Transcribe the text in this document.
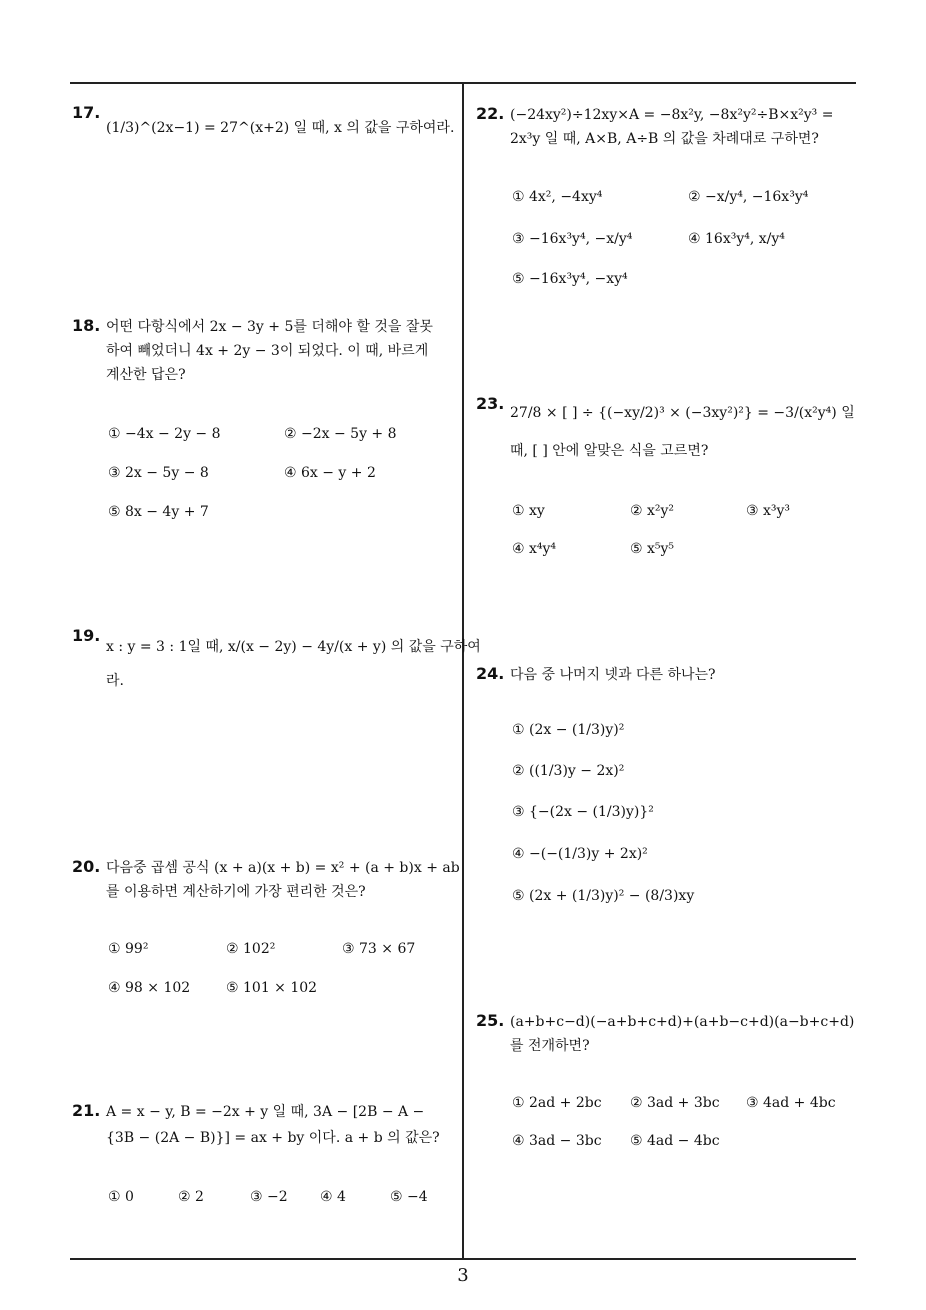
17.
(1/3)^(2x−1) = 27^(x+2) 일 때, x 의 값을 구하여라.
18. 어떤 다항식에서 2x − 3y + 5를 더해야 할 것을 잘못
하여 빼었더니 4x + 2y − 3이 되었다. 이 때, 바르게
계산한 답은?
① −4x − 2y − 8	② −2x − 5y + 8
③ 2x − 5y − 8	④ 6x − y + 2
⑤ 8x − 4y + 7
19.
x : y = 3 : 1일 때, x/(x − 2y) − 4y/(x + y) 의 값을 구하여
라.
20. 다음중 곱셈 공식 (x + a)(x + b) = x² + (a + b)x + ab
를 이용하면 계산하기에 가장 편리한 것은?
① 99²	② 102²	③ 73 × 67
④ 98 × 102	⑤ 101 × 102
21. A = x − y, B = −2x + y 일 때, 3A − [2B − A −
{3B − (2A − B)}] = ax + by 이다. a + b 의 값은?
① 0	② 2	③ −2 ④ 4	⑤ −4
22. (−24xy²)÷12xy×A = −8x²y, −8x²y²÷B×x²y³ =
2x³y 일 때, A×B, A÷B 의 값을 차례대로 구하면?
① 4x², −4xy⁴	② −x/y⁴, −16x³y⁴
③ −16x³y⁴, −x/y⁴	④ 16x³y⁴, x/y⁴
⑤ −16x³y⁴, −xy⁴
23. 27/8 × [ ] ÷ {(−xy/2)³ × (−3xy²)²} = −3/(x²y⁴) 일
때, [ ] 안에 알맞은 식을 고르면?
① xy	② x²y²	③ x³y³
④ x⁴y⁴	⑤ x⁵y⁵
24. 다음 중 나머지 넷과 다른 하나는?
① (2x − (1/3)y)²
② ((1/3)y − 2x)²
③ {−(2x − (1/3)y)}²
④ −(−(1/3)y + 2x)²
⑤ (2x + (1/3)y)² − (8/3)xy
25. (a+b+c−d)(−a+b+c+d)+(a+b−c+d)(a−b+c+d)
를 전개하면?
① 2ad + 2bc ② 3ad + 3bc ③ 4ad + 4bc
④ 3ad − 3bc ⑤ 4ad − 4bc
3
